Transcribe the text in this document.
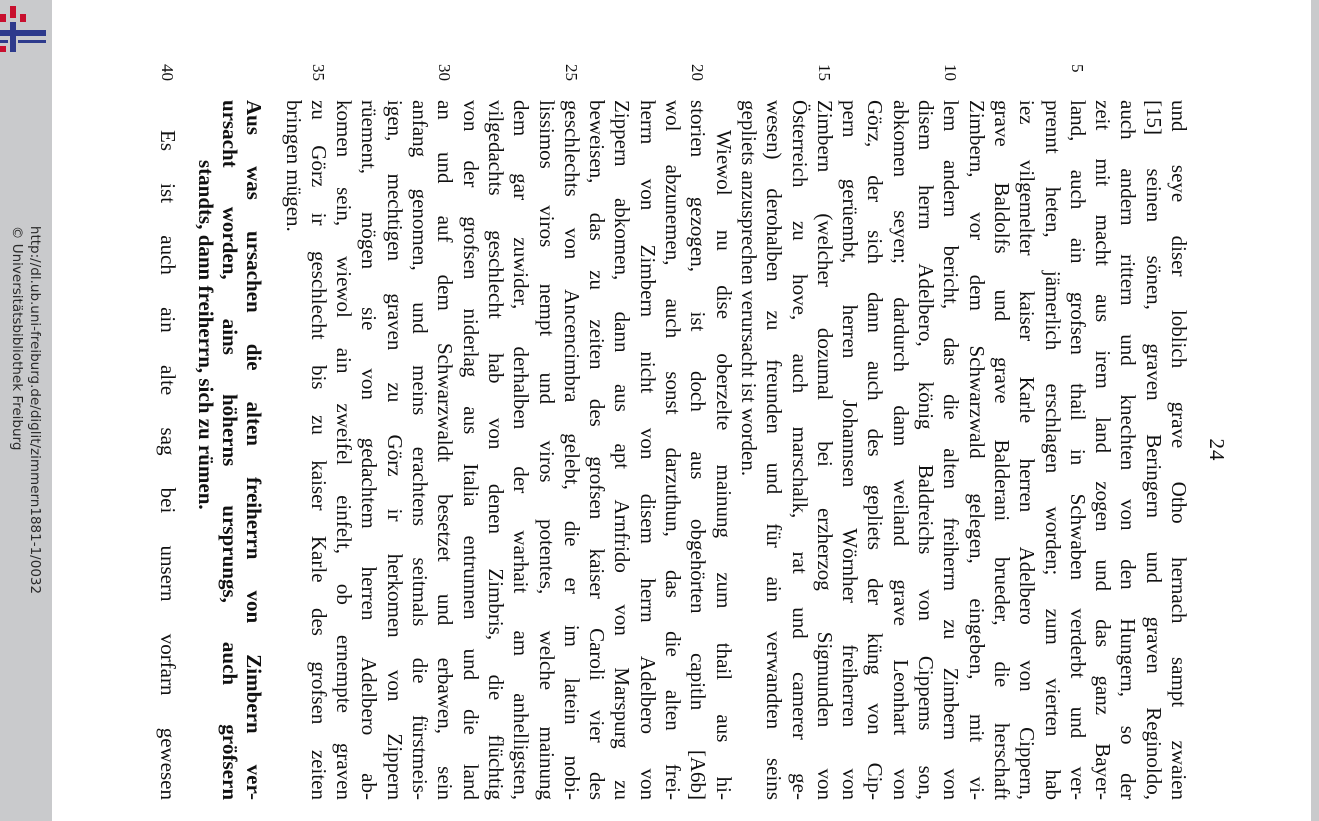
http://dl.ub.uni-freiburg.de/diglit/zimmern1881-1/0032
© Universitätsbibliothek Freiburg	24
und seye diser loblich grave Otho hernach sampt zwaien
[15] seinen sönen, graven Beringern und graven Reginoldo,
auch andern rittern und knechten von den Hungern, so der
zeit mit macht aus irem land zogen und das ganz Bayer-
5
land, auch ain grofsen thail in Schwaben verderbt und ver-
prennt heten, jämerlich erschlagen worden; zum vierten hab
iez vilgemelter kaiser Karle herren Adelbero von Cippern,
grave Baldolfs und grave Balderani brueder, die herschaft
Zimbern, vor dem Schwarzwald gelegen, eingeben, mit vi-
10
lem andern bericht, das die alten freiherrn zu Zimbern von
disem herrn Adelbero, könig Baldreichs von Cippems son,
abkomen seyen; dardurch dann weiland grave Leonhart von
Görz, der sich dann auch des gepliets der küng von Cip-
pern gerüembt, herren Johannsen Wörnher freiherren von
15
Zimbern (welcher dozumal bei erzherzog Sigmunden von
Österreich zu hove, auch marschalk, rat und camerer ge-
wesen) derohalben zu freunden und für ain verwandten seins
gepliets anzusprechen verursacht ist worden.
Wiewol nu dise oberzelte mainung zum thail aus hi-
20
storien gezogen, ist doch aus obgehörten capitln [A6b]
wol abzunemen, auch sonst darzuthun, das die alten frei-
herrn von Zimbern nicht von disem herrn Adelbero von
Zippern abkomen, dann aus apt Arnfrido von Marspurg zu
beweisen, das zu zeiten des grofsen kaiser Caroli vier des
25
geschlechts von Ancencimbra gelebt, die er im latein nobi-
lissimos viros nempt und viros potentes, welche mainung
dem gar zuwider, derhalben der warhait am anhelligsten,
vilgedachts geschlecht hab von denen Zimbris, die flüchtig
von der grofsen niderlag aus Italia entrunnen und die land
30
an und auf dem Schwarzwaldt besetzet und erbawen, sein
anfang genomen, und meins erachtens seitmals die fürstmeis-
igen, mechtigen graven zu Görz ir herkomen von Zippern
rüement, mögen sie von gedachtem herren Adelbero ab-
komen sein, wiewol ain zweifel einfelt, ob ernempte graven
35
zu Görz ir geschlecht bis zu kaiser Karle des grofsen zeiten
bringen mügen.
Aus was ursachen die alten freiherrn von Zimbern ver-
ursacht worden, ains höherns ursprungs, auch gröfsern
standts, dann freiherrn, sich zu rümen.
40
Es ist auch ain alte sag bei unsern vorfarn gewesen
